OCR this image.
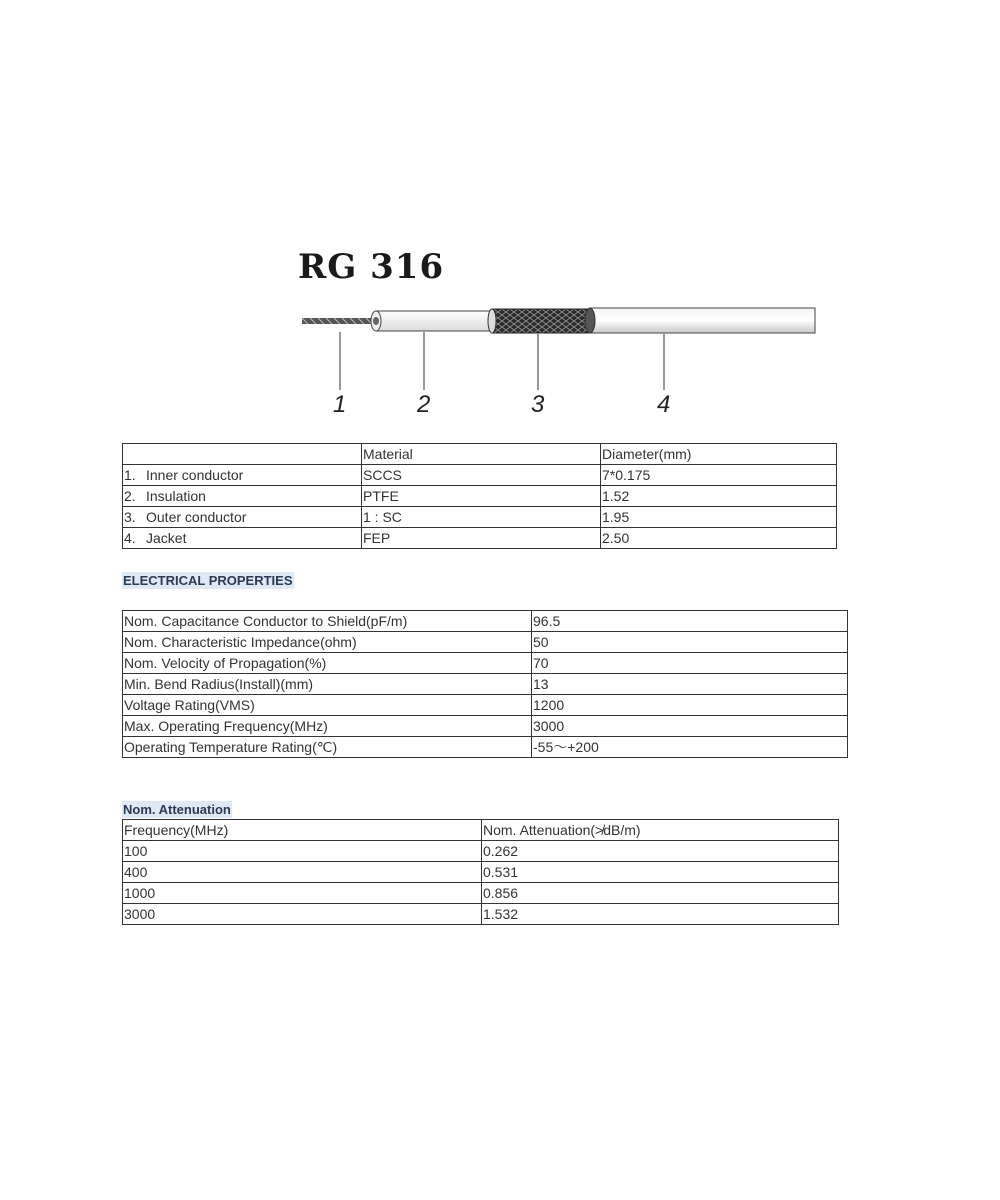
RG 316
1	2	3	4
	Material	Diameter(mm)
1. Inner conductor	SCCS	7*0.175
2. Insulation	PTFE	1.52
3. Outer conductor	1 : SC	1.95
4. Jacket	FEP	2.50
ELECTRICAL PROPERTIES
Nom. Capacitance Conductor to Shield(pF/m)	96.5
Nom. Characteristic Impedance(ohm)	50
Nom. Velocity of Propagation(%)	70
Min. Bend Radius(Install)(mm)	13
Voltage Rating(VMS)	1200
Max. Operating Frequency(MHz)	3000
Operating Temperature Rating(℃)	-55～+200
Nom. Attenuation
Frequency(MHz)	Nom. Attenuation(≯dB/m)
100	0.262
400	0.531
1000	0.856
3000	1.532
